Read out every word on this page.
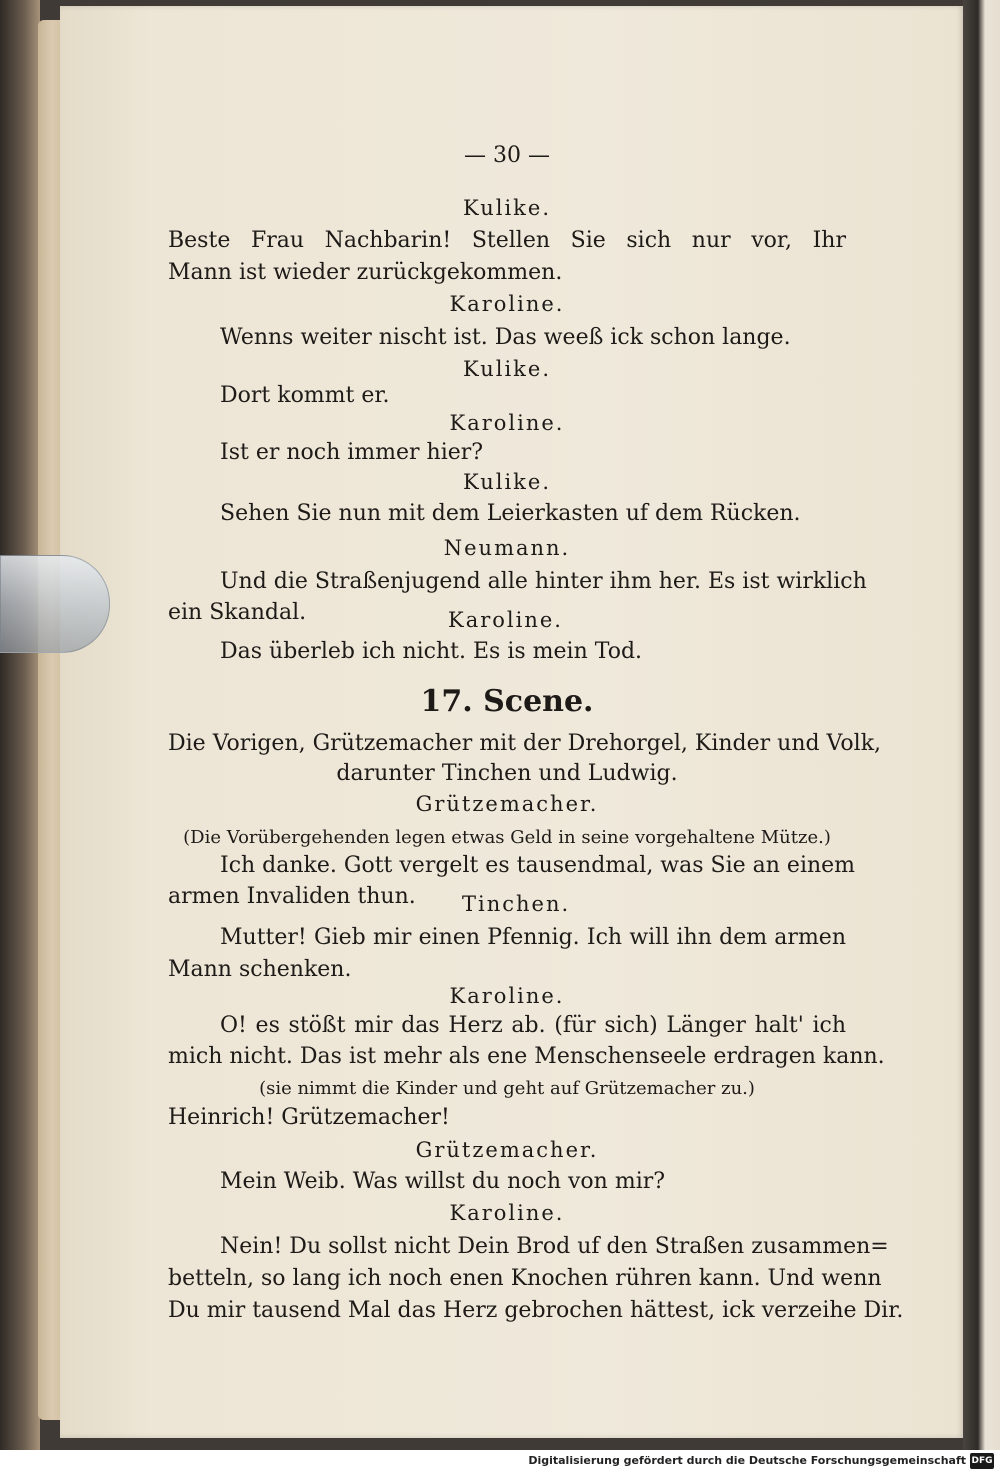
— 30 —
Kulike.
Beste Frau Nachbarin! Stellen Sie sich nur vor, Ihr
Mann ist wieder zurückgekommen.
Karoline.
Wenns weiter nischt ist. Das weeß ick schon lange.
Kulike.
Dort kommt er.
Karoline.
Ist er noch immer hier?
Kulike.
Sehen Sie nun mit dem Leierkasten uf dem Rücken.
Neumann.
Und die Straßenjugend alle hinter ihm her. Es ist wirklich
ein Skandal.	Karoline.
Das überleb ich nicht. Es is mein Tod.
17. Scene.
Die Vorigen, Grützemacher mit der Drehorgel, Kinder und Volk,
darunter Tinchen und Ludwig.
Grützemacher.
(Die Vorübergehenden legen etwas Geld in seine vorgehaltene Mütze.)
Ich danke. Gott vergelt es tausendmal, was Sie an einem
armen Invaliden thun.	Tinchen.
Mutter! Gieb mir einen Pfennig. Ich will ihn dem armen
Mann schenken.
Karoline.
O! es stößt mir das Herz ab. (für sich) Länger halt' ich
mich nicht. Das ist mehr als ene Menschenseele erdragen kann.
(sie nimmt die Kinder und geht auf Grützemacher zu.)
Heinrich! Grützemacher!
Grützemacher.
Mein Weib. Was willst du noch von mir?
Karoline.
Nein! Du sollst nicht Dein Brod uf den Straßen zusammen=
betteln, so lang ich noch enen Knochen rühren kann. Und wenn
Du mir tausend Mal das Herz gebrochen hättest, ick verzeihe Dir.
Digitalisierung gefördert durch die Deutsche Forschungsgemeinschaft DFG
